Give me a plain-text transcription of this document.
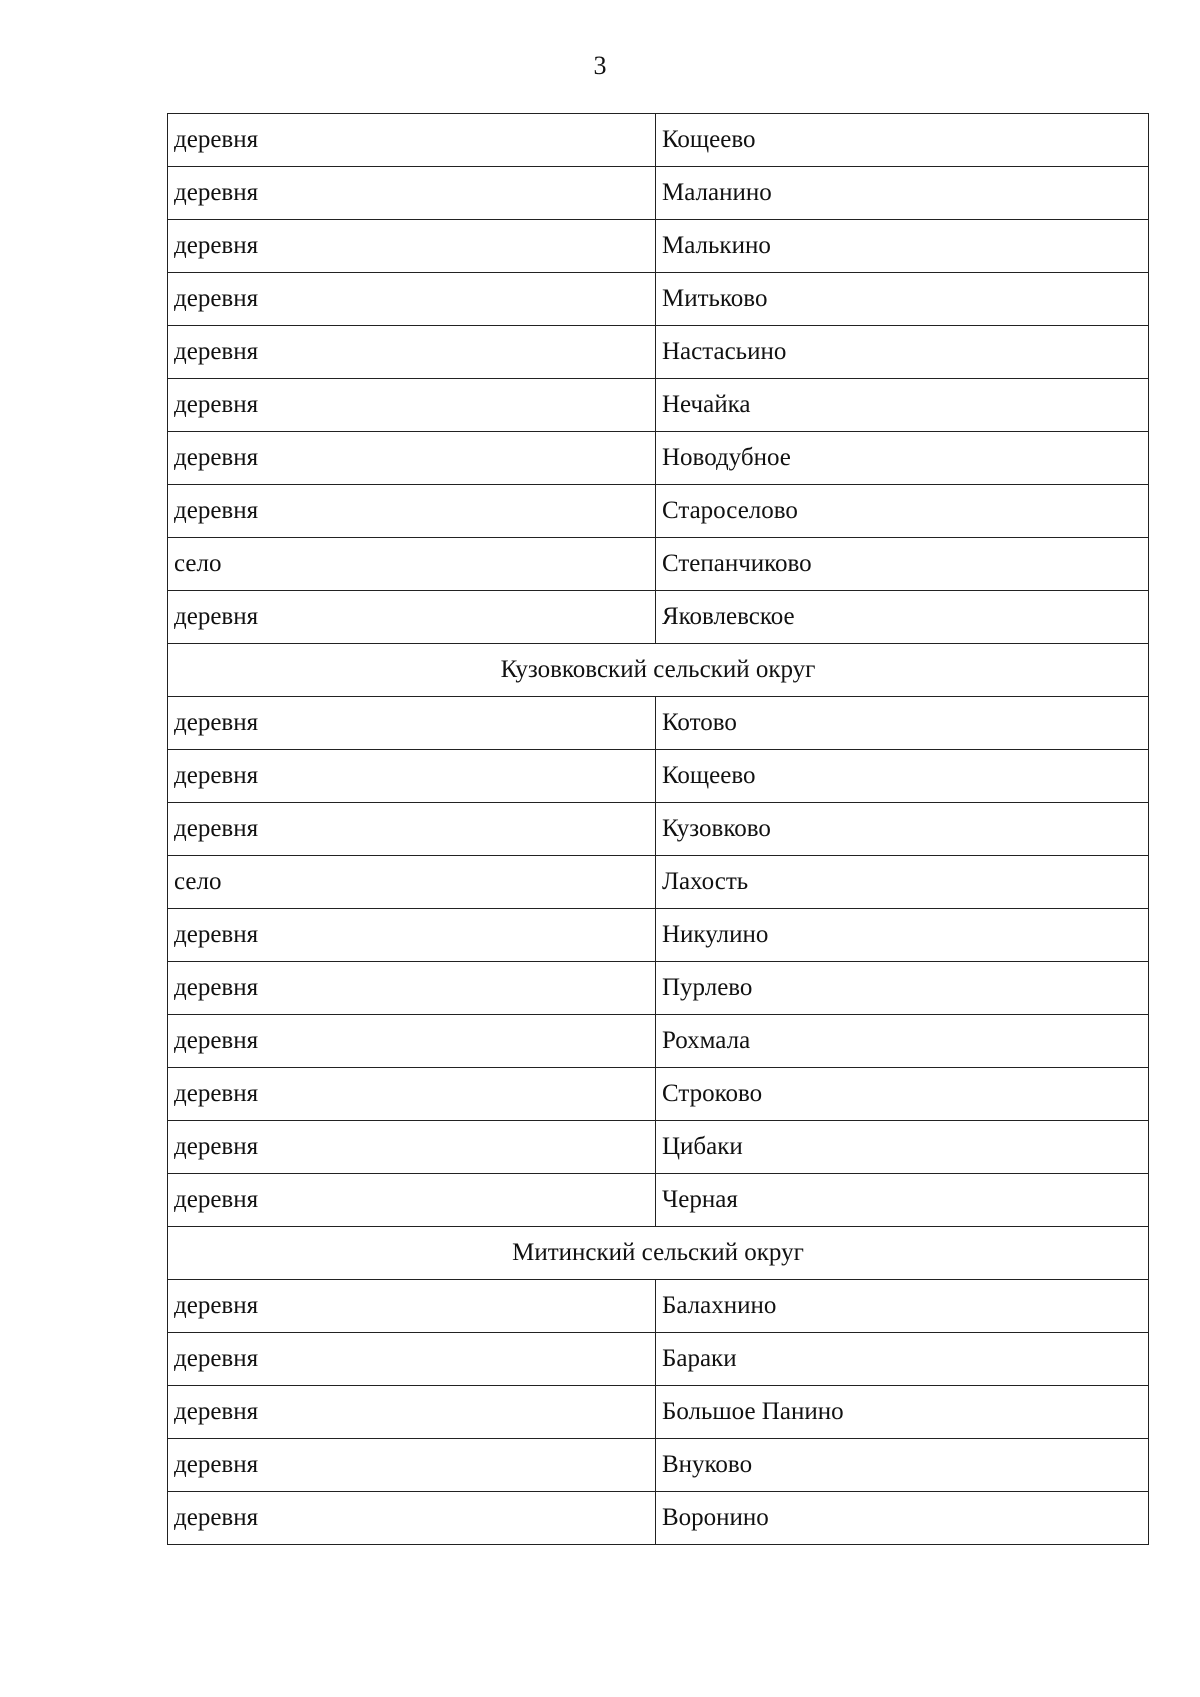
3
деревня	Кощеево
деревня	Маланино
деревня	Малькино
деревня	Митьково
деревня	Настасьино
деревня	Нечайка
деревня	Новодубное
деревня	Староселово
село	Степанчиково
деревня	Яковлевское
Кузовковский сельский округ	
деревня	Котово
деревня	Кощеево
деревня	Кузовково
село	Лахость
деревня	Никулино
деревня	Пурлево
деревня	Рохмала
деревня	Строково
деревня	Цибаки
деревня	Черная
Митинский сельский округ	
деревня	Балахнино
деревня	Бараки
деревня	Большое Панино
деревня	Внуково
деревня	Воронино
